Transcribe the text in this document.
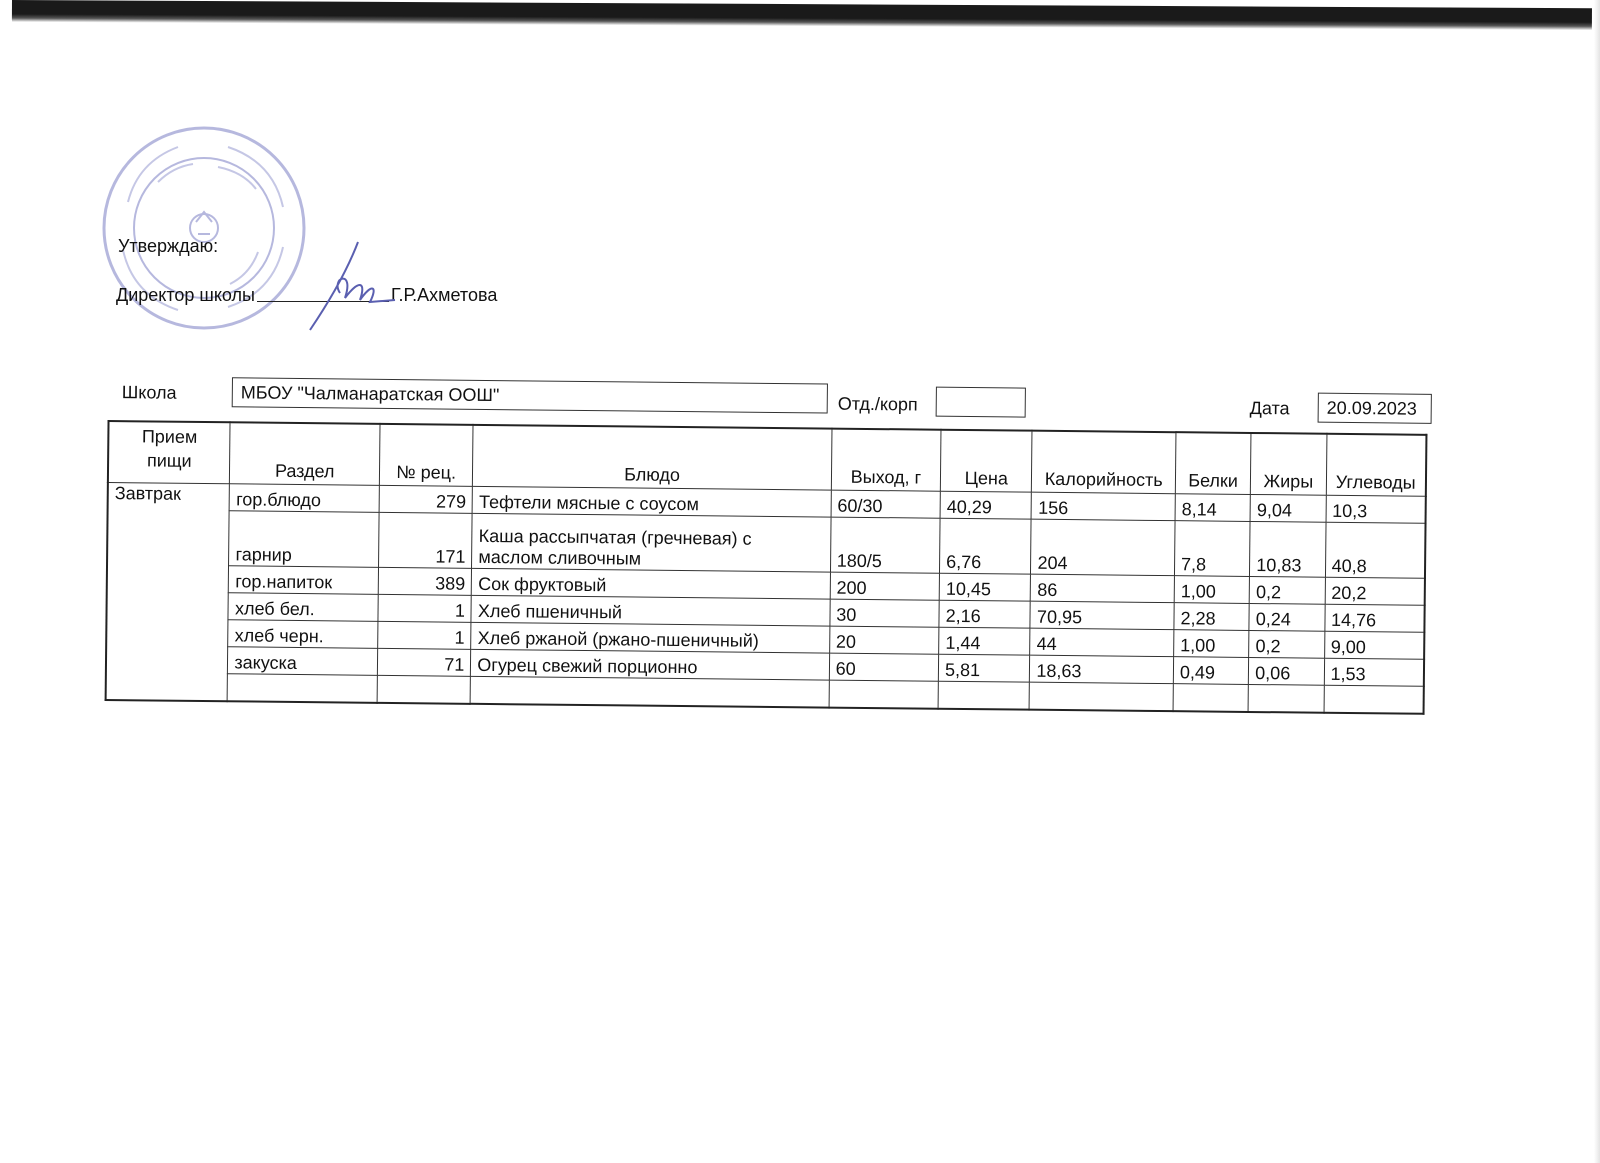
Утверждаю:
Директор школы	Г.Р.Ахметова
Школа	МБОУ "Чалманаратская ООШ"	Отд./корп	Дата	20.09.2023
Прием
пищи	Раздел	№ рец.	Блюдо	Выход, г	Цена	Калорийность	Белки	Жиры	Углеводы
Завтрак	гор.блюдо	279	Тефтели мясные с соусом	60/30	40,29	156	8,14	9,04	10,3
	гарнир	171	Каша рассыпчатая (гречневая) с
маслом сливочным	180/5	6,76	204	7,8	10,83	40,8
	гор.напиток	389	Сок фруктовый	200	10,45	86	1,00	0,2	20,2
	хлеб бел.	1	Хлеб пшеничный	30	2,16	70,95	2,28	0,24	14,76
	хлеб черн.	1	Хлеб ржаной (ржано-пшеничный)	20	1,44	44	1,00	0,2	9,00
	закуска	71	Огурец свежий порционно	60	5,81	18,63	0,49	0,06	1,53
